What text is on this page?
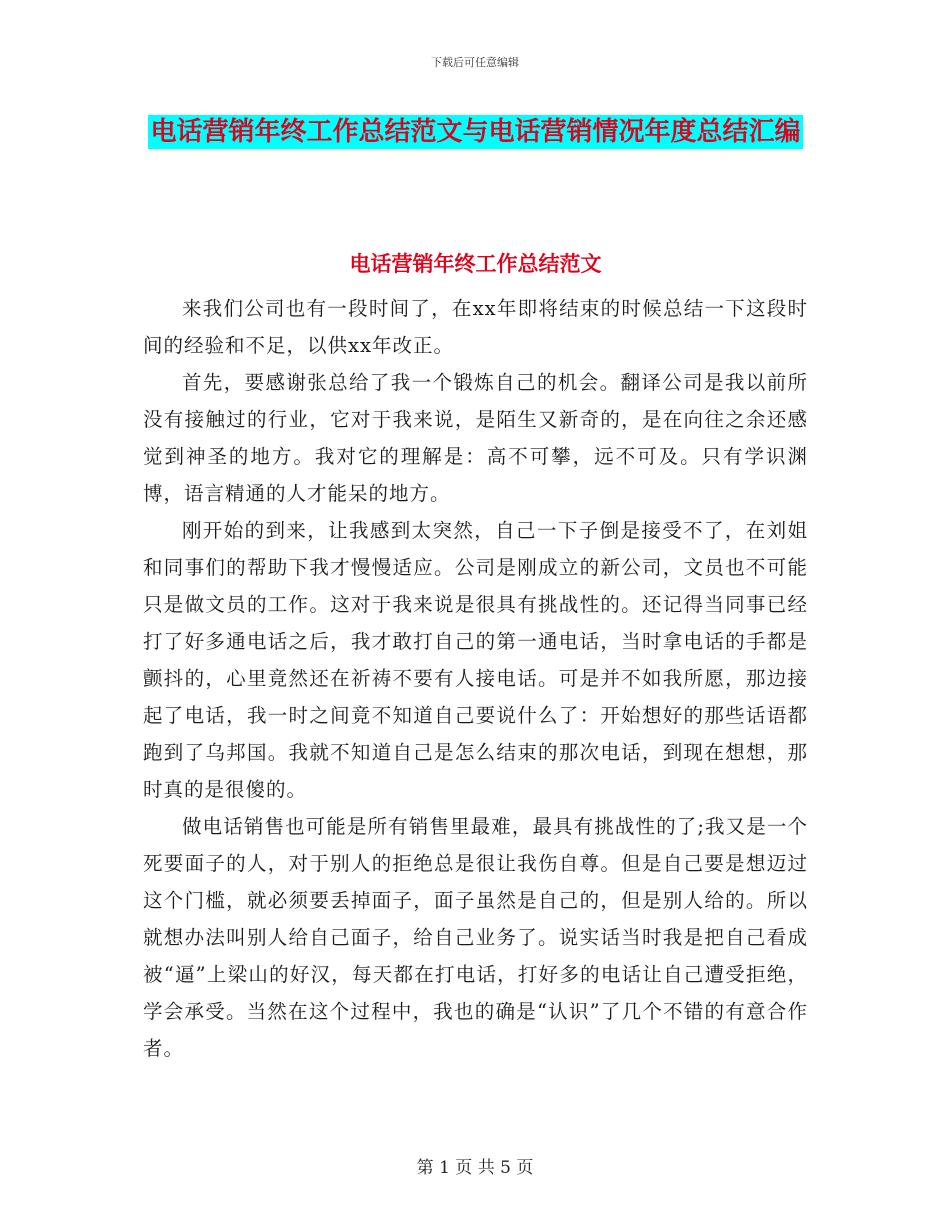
下载后可任意编辑
电话营销年终工作总结范文与电话营销情况年度总结汇编
电话营销年终工作总结范文

来我们公司也有一段时间了，在xx年即将结束的时候总结一下这段时间的经验和不足，以供xx年改正。

首先，要感谢张总给了我一个锻炼自己的机会。翻译公司是我以前所没有接触过的行业，它对于我来说，是陌生又新奇的，是在向往之余还感觉到神圣的地方。我对它的理解是：高不可攀，远不可及。只有学识渊博，语言精通的人才能呆的地方。

刚开始的到来，让我感到太突然，自己一下子倒是接受不了，在刘姐和同事们的帮助下我才慢慢适应。公司是刚成立的新公司，文员也不可能只是做文员的工作。这对于我来说是很具有挑战性的。还记得当同事已经打了好多通电话之后，我才敢打自己的第一通电话，当时拿电话的手都是颤抖的，心里竟然还在祈祷不要有人接电话。可是并不如我所愿，那边接起了电话，我一时之间竟不知道自己要说什么了：开始想好的那些话语都跑到了乌邦国。我就不知道自己是怎么结束的那次电话，到现在想想，那时真的是很傻的。

做电话销售也可能是所有销售里最难，最具有挑战性的了;我又是一个死要面子的人，对于别人的拒绝总是很让我伤自尊。但是自己要是想迈过这个门槛，就必须要丢掉面子，面子虽然是自己的，但是别人给的。所以就想办法叫别人给自己面子，给自己业务了。说实话当时我是把自己看成被“逼”上梁山的好汉，每天都在打电话，打好多的电话让自己遭受拒绝，学会承受。当然在这个过程中，我也的确是“认识”了几个不错的有意合作者。

第 1 页 共 5 页
